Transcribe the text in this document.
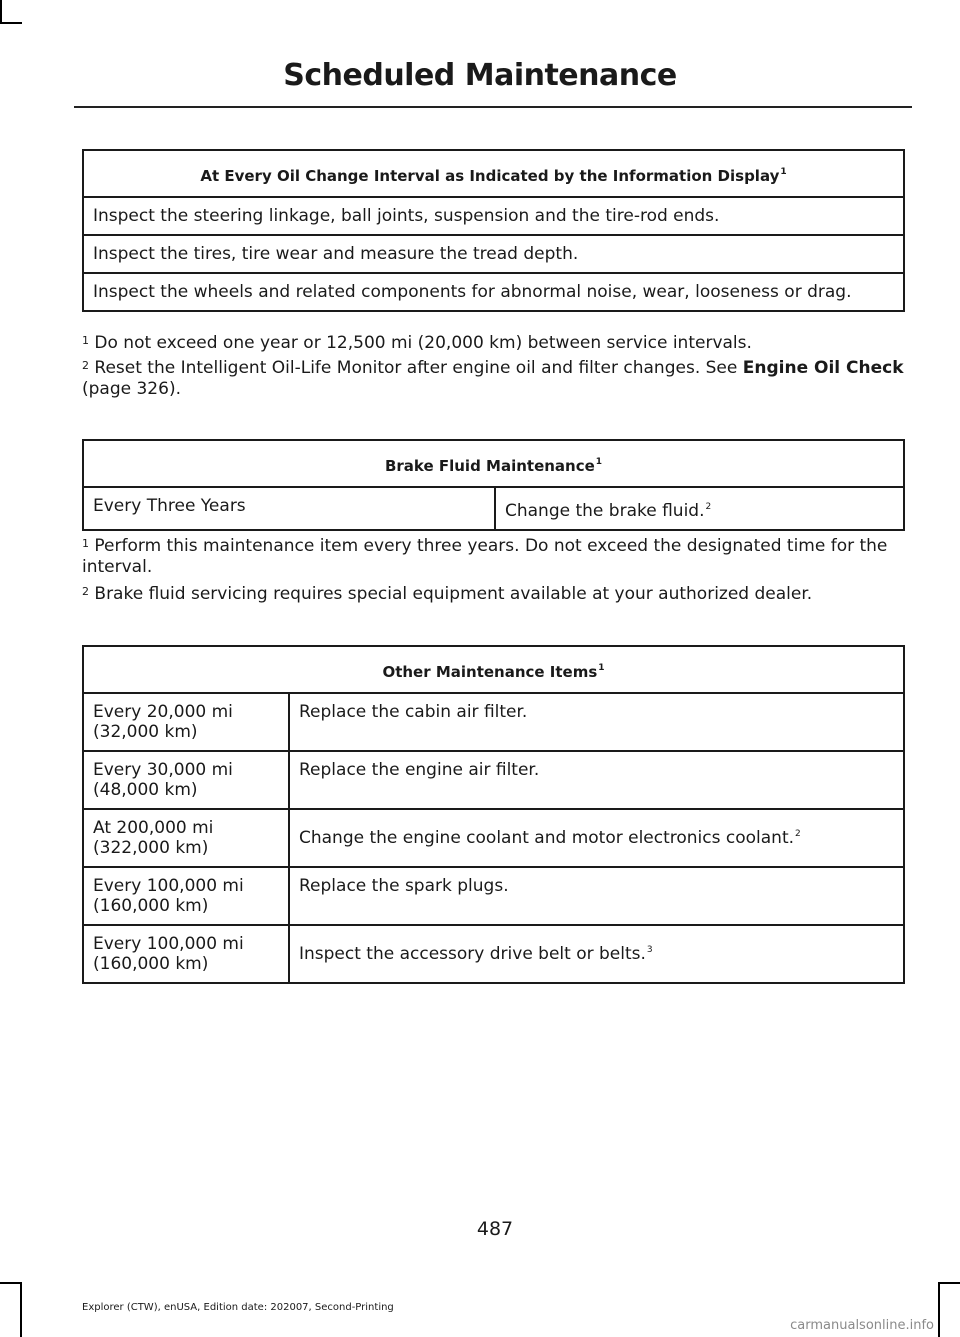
Scheduled Maintenance
At Every Oil Change Interval as Indicated by the Information Display$^1$
Inspect the steering linkage, ball joints, suspension and the tire-rod ends.
Inspect the tires, tire wear and measure the tread depth.
Inspect the wheels and related components for abnormal noise, wear, looseness or drag.
$^1$ Do not exceed one year or 12,500 mi (20,000 km) between service intervals.
$^2$ Reset the Intelligent Oil-Life Monitor after engine oil and filter changes. See Engine Oil Check (page 326).
Brake Fluid Maintenance$^1$
Every Three Years	Change the brake fluid.$^2$
$^1$ Perform this maintenance item every three years. Do not exceed the designated time for the interval.
$^2$ Brake fluid servicing requires special equipment available at your authorized dealer.
Other Maintenance Items$^1$
Every 20,000 mi (32,000 km)	Replace the cabin air filter.
Every 30,000 mi (48,000 km)	Replace the engine air filter.
At 200,000 mi (322,000 km)	Change the engine coolant and motor electronics coolant.$^2$
Every 100,000 mi (160,000 km)	Replace the spark plugs.
Every 100,000 mi (160,000 km)	Inspect the accessory drive belt or belts.$^3$
487
Explorer (CTW), enUSA, Edition date: 202007, Second-Printing
carmanualsonline.info
